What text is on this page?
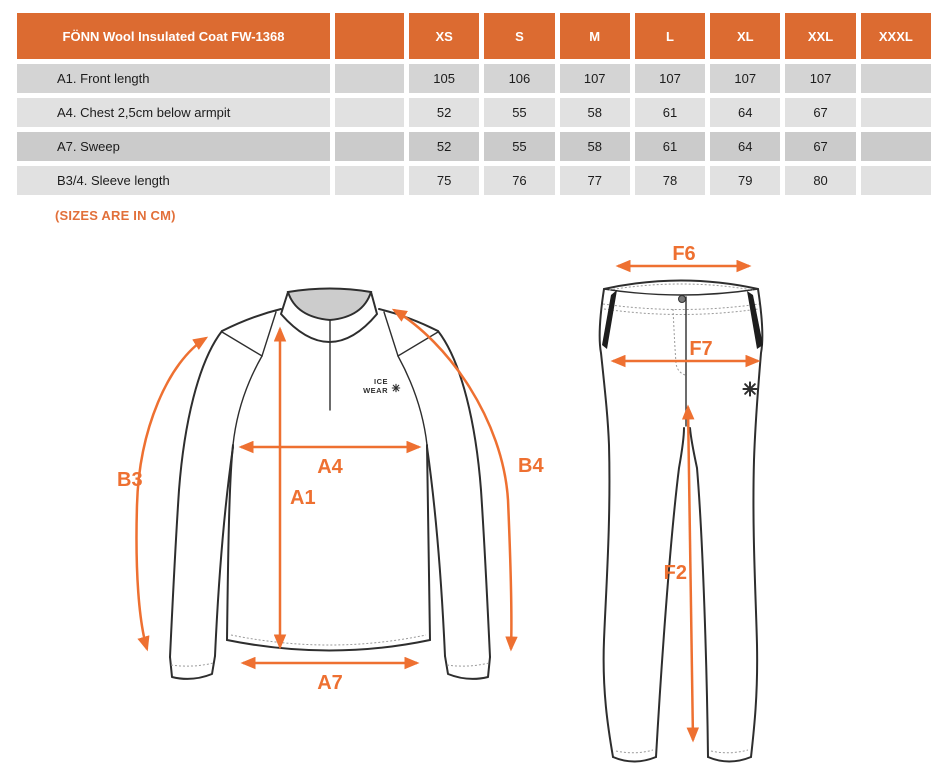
FÖNN Wool Insulated Coat FW-1368		XS	S	M	L	XL	XXL	XXXL
A1. Front length		105	106	107	107	107	107	
A4. Chest 2,5cm below armpit		52	55	58	61	64	67	
A7. Sweep		52	55	58	61	64	67	
B3/4. Sleeve length		75	76	77	78	79	80	
(SIZES ARE IN CM)
ICE
WEAR
A1
A4
A7
B3
B4
F6
F7
F2
